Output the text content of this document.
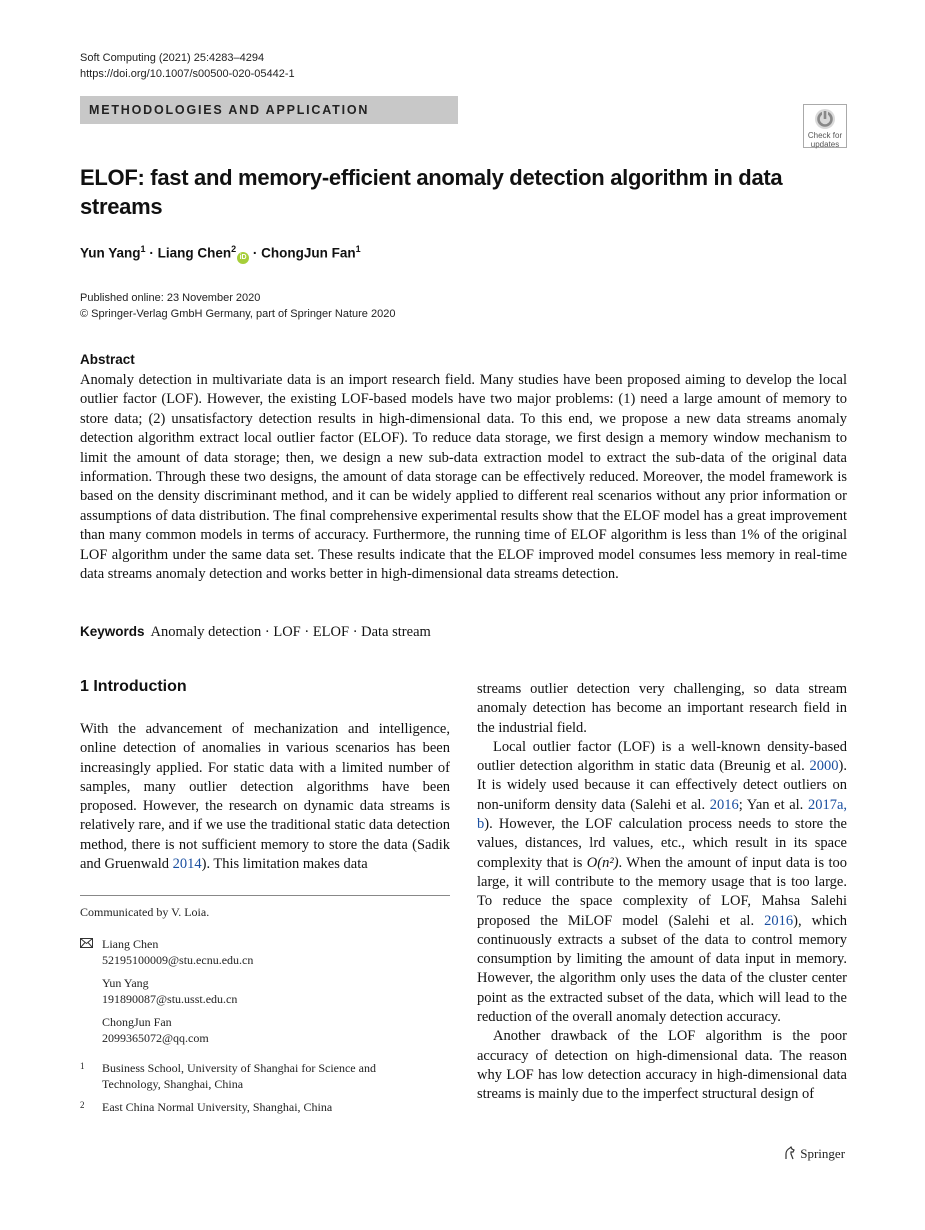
Soft Computing (2021) 25:4283–4294
https://doi.org/10.1007/s00500-020-05442-1
METHODOLOGIES AND APPLICATION
Check for
updates
ELOF: fast and memory-efficient anomaly detection algorithm in data streams
Yun Yang$^1$ · Liang Chen$^2$iD · ChongJun Fan$^1$
Published online: 23 November 2020
© Springer-Verlag GmbH Germany, part of Springer Nature 2020
Abstract

Anomaly detection in multivariate data is an import research field. Many studies have been proposed aiming to develop the local outlier factor (LOF). However, the existing LOF-based models have two major problems: (1) need a large amount of memory to store data; (2) unsatisfactory detection results in high-dimensional data. To this end, we propose a new data streams anomaly detection algorithm extract local outlier factor (ELOF). To reduce data storage, we first design a memory window mechanism to limit the amount of data storage; then, we design a new sub-data extraction model to extract the sub-data of the original data information. Through these two designs, the amount of data storage can be effectively reduced. Moreover, the model framework is based on the density discriminant method, and it can be widely applied to different real scenarios without any prior information or assumptions of data distribution. The final comprehensive experimental results show that the ELOF model has a great improvement than many common models in terms of accuracy. Furthermore, the running time of ELOF algorithm is less than 1% of the original LOF algorithm under the same data set. These results indicate that the ELOF improved model consumes less memory in real-time data streams anomaly detection and works better in high-dimensional data streams detection.

Keywords Anomaly detection · LOF · ELOF · Data stream
1 Introduction

With the advancement of mechanization and intelligence, online detection of anomalies in various scenarios has been increasingly applied. For static data with a limited number of samples, many outlier detection algorithms have been proposed. However, the research on dynamic data streams is relatively rare, and if we use the traditional static data detection method, there is not sufficient memory to store the data (Sadik and Gruenwald 2014). This limitation makes data

streams outlier detection very challenging, so data stream anomaly detection has become an important research field in the industrial field.

Local outlier factor (LOF) is a well-known density-based outlier detection algorithm in static data (Breunig et al. 2000). It is widely used because it can effectively detect outliers on non-uniform density data (Salehi et al. 2016; Yan et al. 2017a, b). However, the LOF calculation process needs to store the values, distances, lrd values, etc., which result in its space complexity that is O(n²). When the amount of input data is too large, it will contribute to the memory usage that is too large. To reduce the space complexity of LOF, Mahsa Salehi proposed the MiLOF model (Salehi et al. 2016), which continuously extracts a subset of the data to control memory consumption by limiting the amount of data input in memory. However, the algorithm only uses the data of the cluster center point as the extracted subset of the data, which will lead to the reduction of the overall anomaly detection accuracy.

Another drawback of the LOF algorithm is the poor accuracy of detection on high-dimensional data. The reason why LOF has low detection accuracy in high-dimensional data streams is mainly due to the imperfect structural design of

Communicated by V. Loia.
Liang Chen
52195100009@stu.ecnu.edu.cn
Yun Yang
191890087@stu.usst.edu.cn
ChongJun Fan
2099365072@qq.com
1 Business School, University of Shanghai for Science and
Technology, Shanghai, China
2 East China Normal University, Shanghai, China
Springer
